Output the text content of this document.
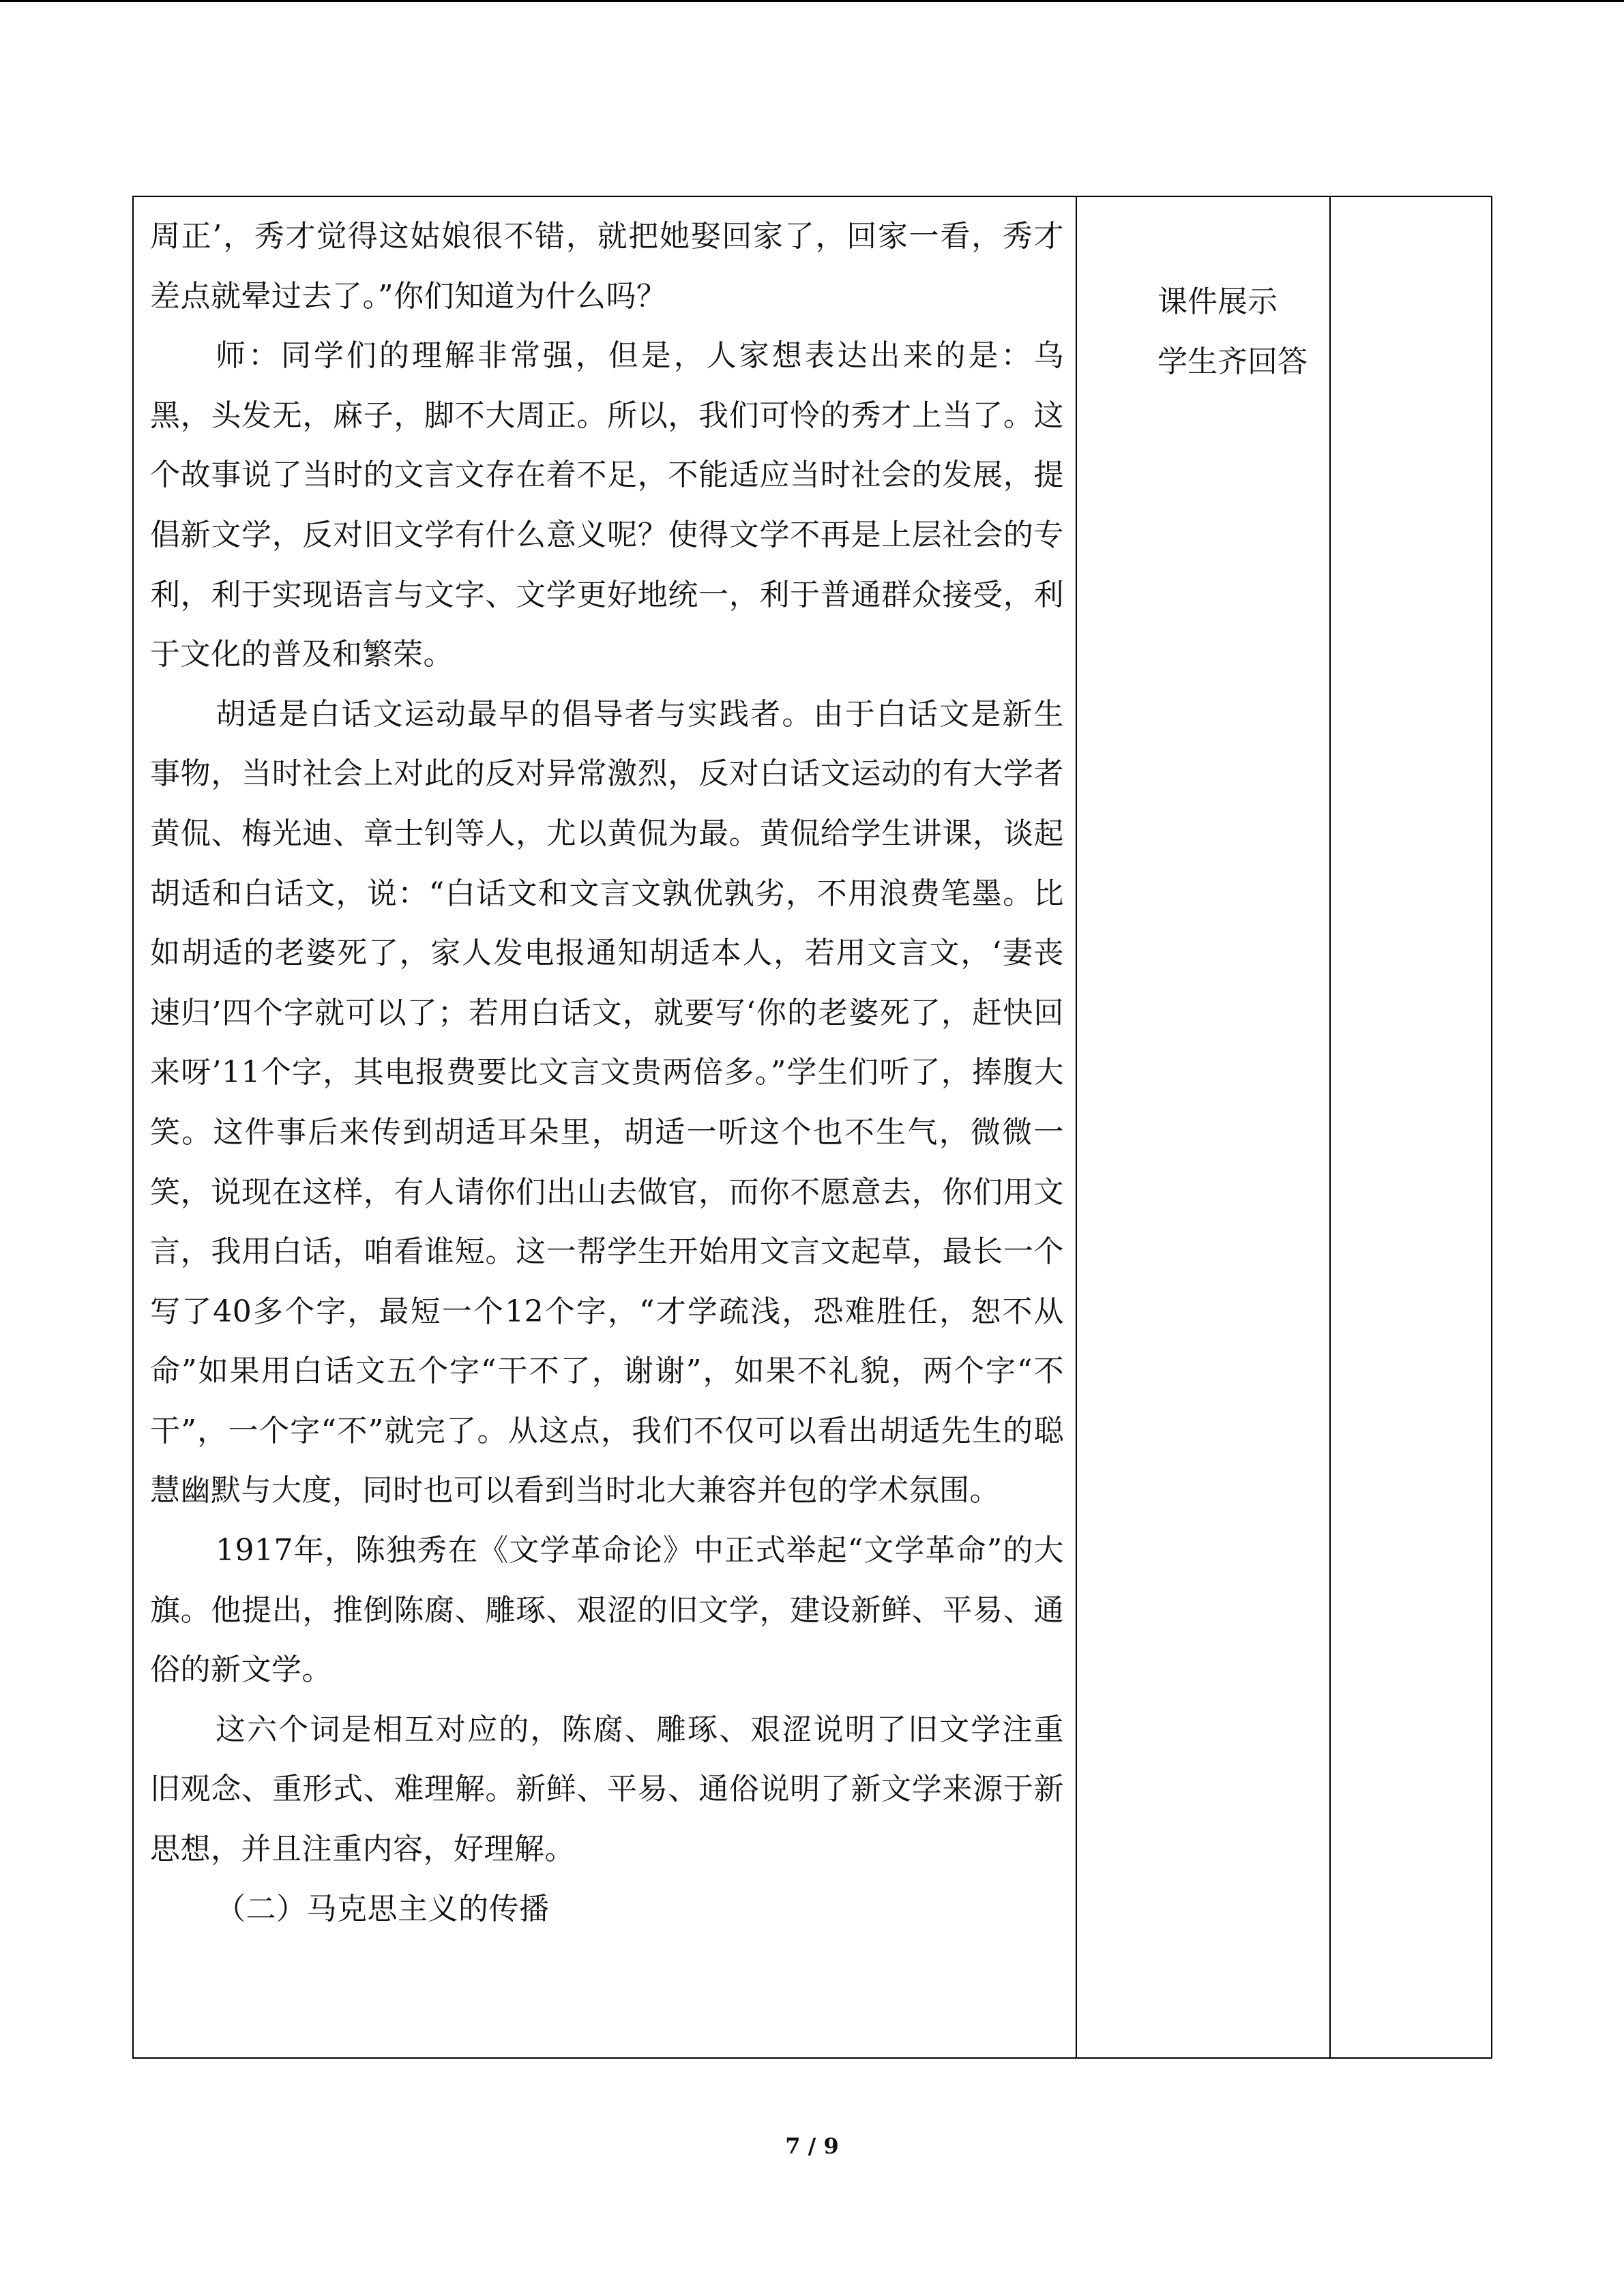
周正’，秀才觉得这姑娘很不错，就把她娶回家了，回家一看，秀才差点就晕过去了。”你们知道为什么吗？

师：同学们的理解非常强，但是，人家想表达出来的是：乌黑，头发无，麻子，脚不大周正。所以，我们可怜的秀才上当了。这个故事说了当时的文言文存在着不足，不能适应当时社会的发展，提倡新文学，反对旧文学有什么意义呢？使得文学不再是上层社会的专利，利于实现语言与文字、文学更好地统一，利于普通群众接受，利于文化的普及和繁荣。

胡适是白话文运动最早的倡导者与实践者。由于白话文是新生事物，当时社会上对此的反对异常激烈，反对白话文运动的有大学者黄侃、梅光迪、章士钊等人，尤以黄侃为最。黄侃给学生讲课，谈起胡适和白话文，说：“白话文和文言文孰优孰劣，不用浪费笔墨。比如胡适的老婆死了，家人发电报通知胡适本人，若用文言文，‘妻丧速归’四个字就可以了；若用白话文，就要写‘你的老婆死了，赶快回来呀’11个字，其电报费要比文言文贵两倍多。”学生们听了，捧腹大笑。这件事后来传到胡适耳朵里，胡适一听这个也不生气，微微一笑，说现在这样，有人请你们出山去做官，而你不愿意去，你们用文言，我用白话，咱看谁短。这一帮学生开始用文言文起草，最长一个写了40多个字，最短一个12个字，“才学疏浅，恐难胜任，恕不从命”如果用白话文五个字“干不了，谢谢”，如果不礼貌，两个字“不干”，一个字“不”就完了。从这点，我们不仅可以看出胡适先生的聪慧幽默与大度，同时也可以看到当时北大兼容并包的学术氛围。

1917年，陈独秀在《文学革命论》中正式举起“文学革命”的大旗。他提出，推倒陈腐、雕琢、艰涩的旧文学，建设新鲜、平易、通俗的新文学。

这六个词是相互对应的，陈腐、雕琢、艰涩说明了旧文学注重旧观念、重形式、难理解。新鲜、平易、通俗说明了新文学来源于新思想，并且注重内容，好理解。

（二）马克思主义的传播

课件展示
学生齐回答
7 / 9
